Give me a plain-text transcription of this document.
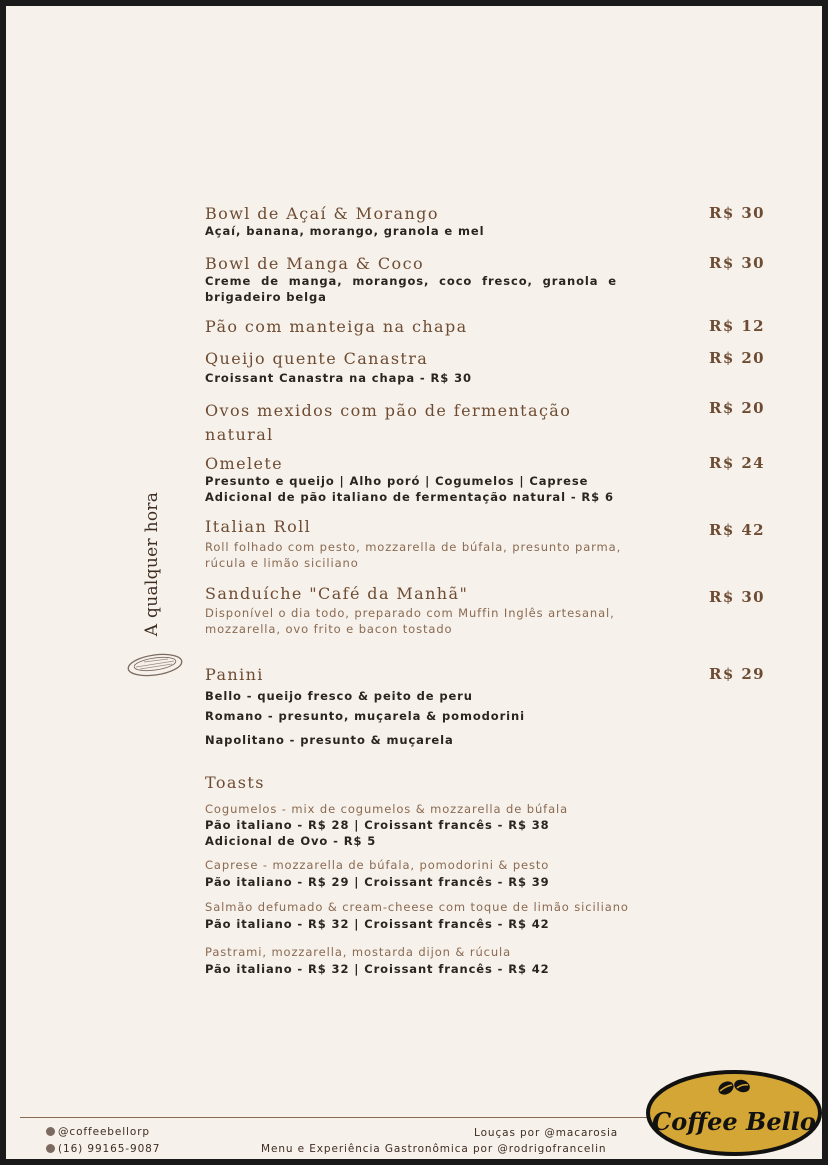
A qualquer hora
Bowl de Açaí & Morango
Açaí, banana, morango, granola e mel
R$ 30
Bowl de Manga & Coco
Creme de manga, morangos, coco fresco, granola e brigadeiro belga
R$ 30
Pão com manteiga na chapa	R$ 12
Queijo quente Canastra
Croissant Canastra na chapa - R$ 30
R$ 20
Ovos mexidos com pão de fermentação natural
R$ 20
Omelete
Presunto e queijo | Alho poró | Cogumelos | Caprese
Adicional de pão italiano de fermentação natural - R$ 6
R$ 24
Italian Roll
Roll folhado com pesto, mozzarella de búfala, presunto parma, rúcula e limão siciliano
R$ 42
Sanduíche "Café da Manhã"
Disponível o dia todo, preparado com Muffin Inglês artesanal, mozzarella, ovo frito e bacon tostado
R$ 30
Panini	R$ 29
Bello - queijo fresco & peito de peru
Romano - presunto, muçarela & pomodorini
Napolitano - presunto & muçarela
Toasts
Cogumelos - mix de cogumelos & mozzarella de búfala
Pão italiano - R$ 28 | Croissant francês - R$ 38
Adicional de Ovo - R$ 5
Caprese - mozzarella de búfala, pomodorini & pesto
Pão italiano - R$ 29 | Croissant francês - R$ 39
Salmão defumado & cream-cheese com toque de limão siciliano
Pão italiano - R$ 32 | Croissant francês - R$ 42
Pastrami, mozzarella, mostarda dijon & rúcula
Pão italiano - R$ 32 | Croissant francês - R$ 42
@coffeebellorp
(16) 99165-9087
Louças por @macarosia
Menu e Experiência Gastronômica por @rodrigofrancelin
Coffee Bello
